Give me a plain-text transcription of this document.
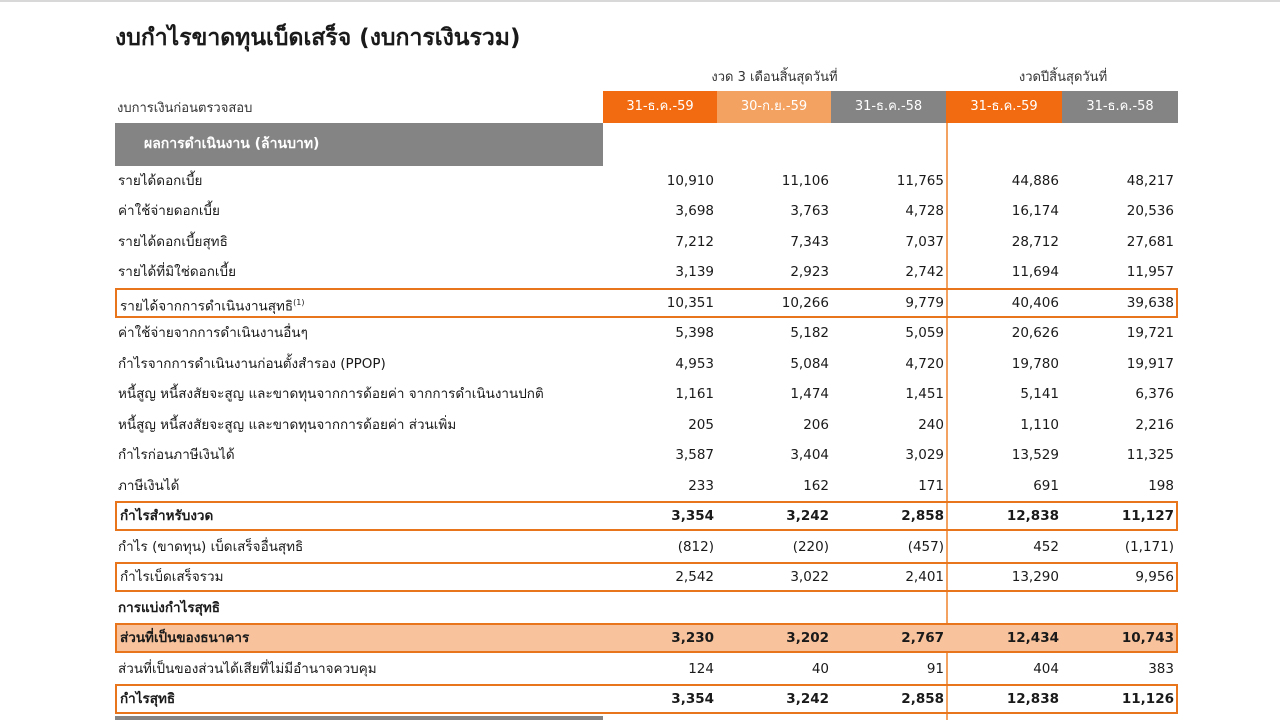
งบกำไรขาดทุนเบ็ดเสร็จ (งบการเงินรวม)
งวด 3 เดือนสิ้นสุดวันที่	งวดปีสิ้นสุดวันที่
งบการเงินก่อนตรวจสอบ	31-ธ.ค.-59	30-ก.ย.-59	31-ธ.ค.-58	31-ธ.ค.-59	31-ธ.ค.-58
ผลการดำเนินงาน (ล้านบาท)
รายได้ดอกเบี้ย	10,910	11,106	11,765	44,886	48,217
ค่าใช้จ่ายดอกเบี้ย	3,698	3,763	4,728	16,174	20,536
รายได้ดอกเบี้ยสุทธิ	7,212	7,343	7,037	28,712	27,681
รายได้ที่มิใช่ดอกเบี้ย	3,139	2,923	2,742	11,694	11,957
รายได้จากการดำเนินงานสุทธิ$^{(1)}$	10,351	10,266	9,779	40,406	39,638
ค่าใช้จ่ายจากการดำเนินงานอื่นๆ	5,398	5,182	5,059	20,626	19,721
กำไรจากการดำเนินงานก่อนตั้งสำรอง (PPOP)	4,953	5,084	4,720	19,780	19,917
หนี้สูญ หนี้สงสัยจะสูญ และขาดทุนจากการด้อยค่า จากการดำเนินงานปกติ	1,161	1,474	1,451	5,141	6,376
หนี้สูญ หนี้สงสัยจะสูญ และขาดทุนจากการด้อยค่า ส่วนเพิ่ม	205	206	240	1,110	2,216
กำไรก่อนภาษีเงินได้	3,587	3,404	3,029	13,529	11,325
ภาษีเงินได้	233	162	171	691	198
กำไรสำหรับงวด	3,354	3,242	2,858	12,838	11,127
กำไร (ขาดทุน) เบ็ดเสร็จอื่นสุทธิ	(812)	(220)	(457)	452	(1,171)
กำไรเบ็ดเสร็จรวม	2,542	3,022	2,401	13,290	9,956
การแบ่งกำไรสุทธิ
ส่วนที่เป็นของธนาคาร	3,230	3,202	2,767	12,434	10,743
ส่วนที่เป็นของส่วนได้เสียที่ไม่มีอำนาจควบคุม	124	40	91	404	383
กำไรสุทธิ	3,354	3,242	2,858	12,838	11,126
